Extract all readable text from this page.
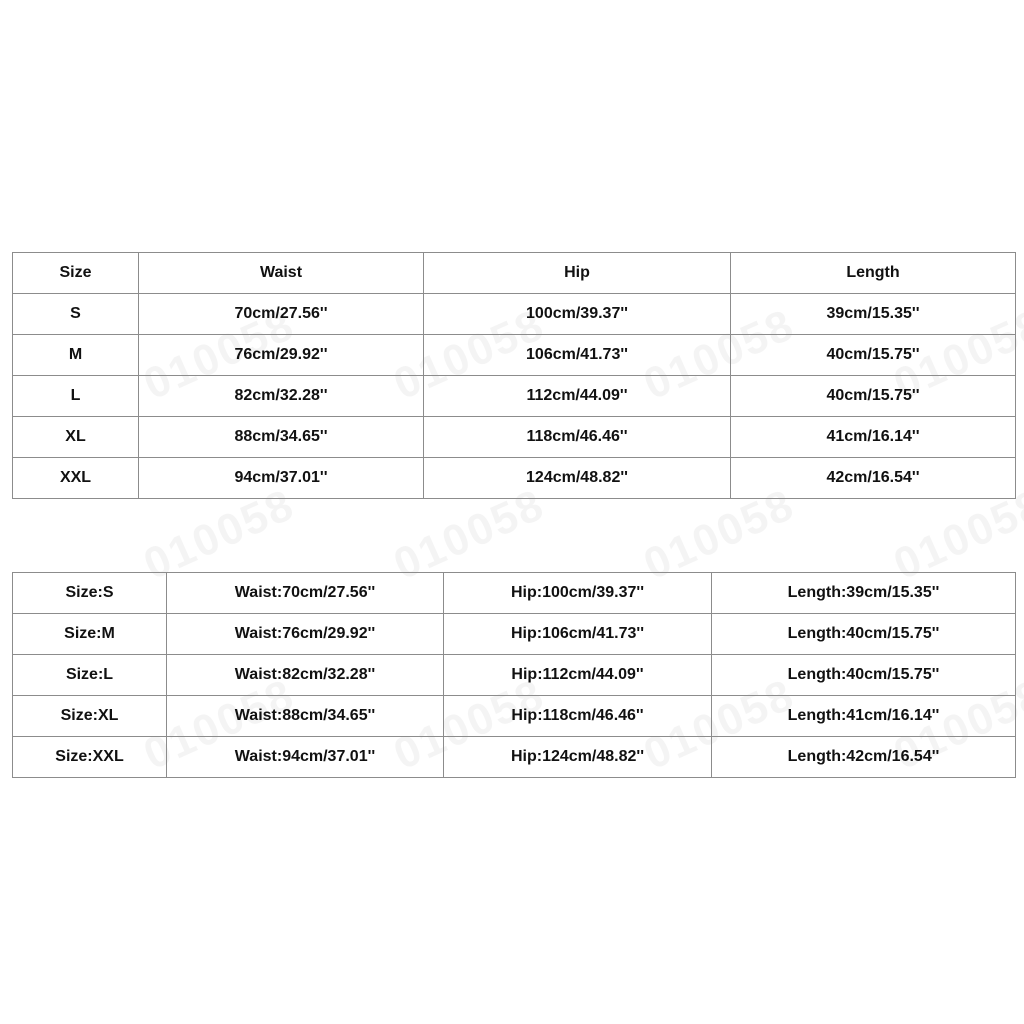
Size	Waist	Hip	Length
S	70cm/27.56''	100cm/39.37''	39cm/15.35''
M	76cm/29.92''	106cm/41.73''	40cm/15.75''
L	82cm/32.28''	112cm/44.09''	40cm/15.75''
XL	88cm/34.65''	118cm/46.46''	41cm/16.14''
XXL	94cm/37.01''	124cm/48.82''	42cm/16.54''
Size:S	Waist:70cm/27.56''	Hip:100cm/39.37''	Length:39cm/15.35''
Size:M	Waist:76cm/29.92''	Hip:106cm/41.73''	Length:40cm/15.75''
Size:L	Waist:82cm/32.28''	Hip:112cm/44.09''	Length:40cm/15.75''
Size:XL	Waist:88cm/34.65''	Hip:118cm/46.46''	Length:41cm/16.14''
Size:XXL	Waist:94cm/37.01''	Hip:124cm/48.82''	Length:42cm/16.54''
